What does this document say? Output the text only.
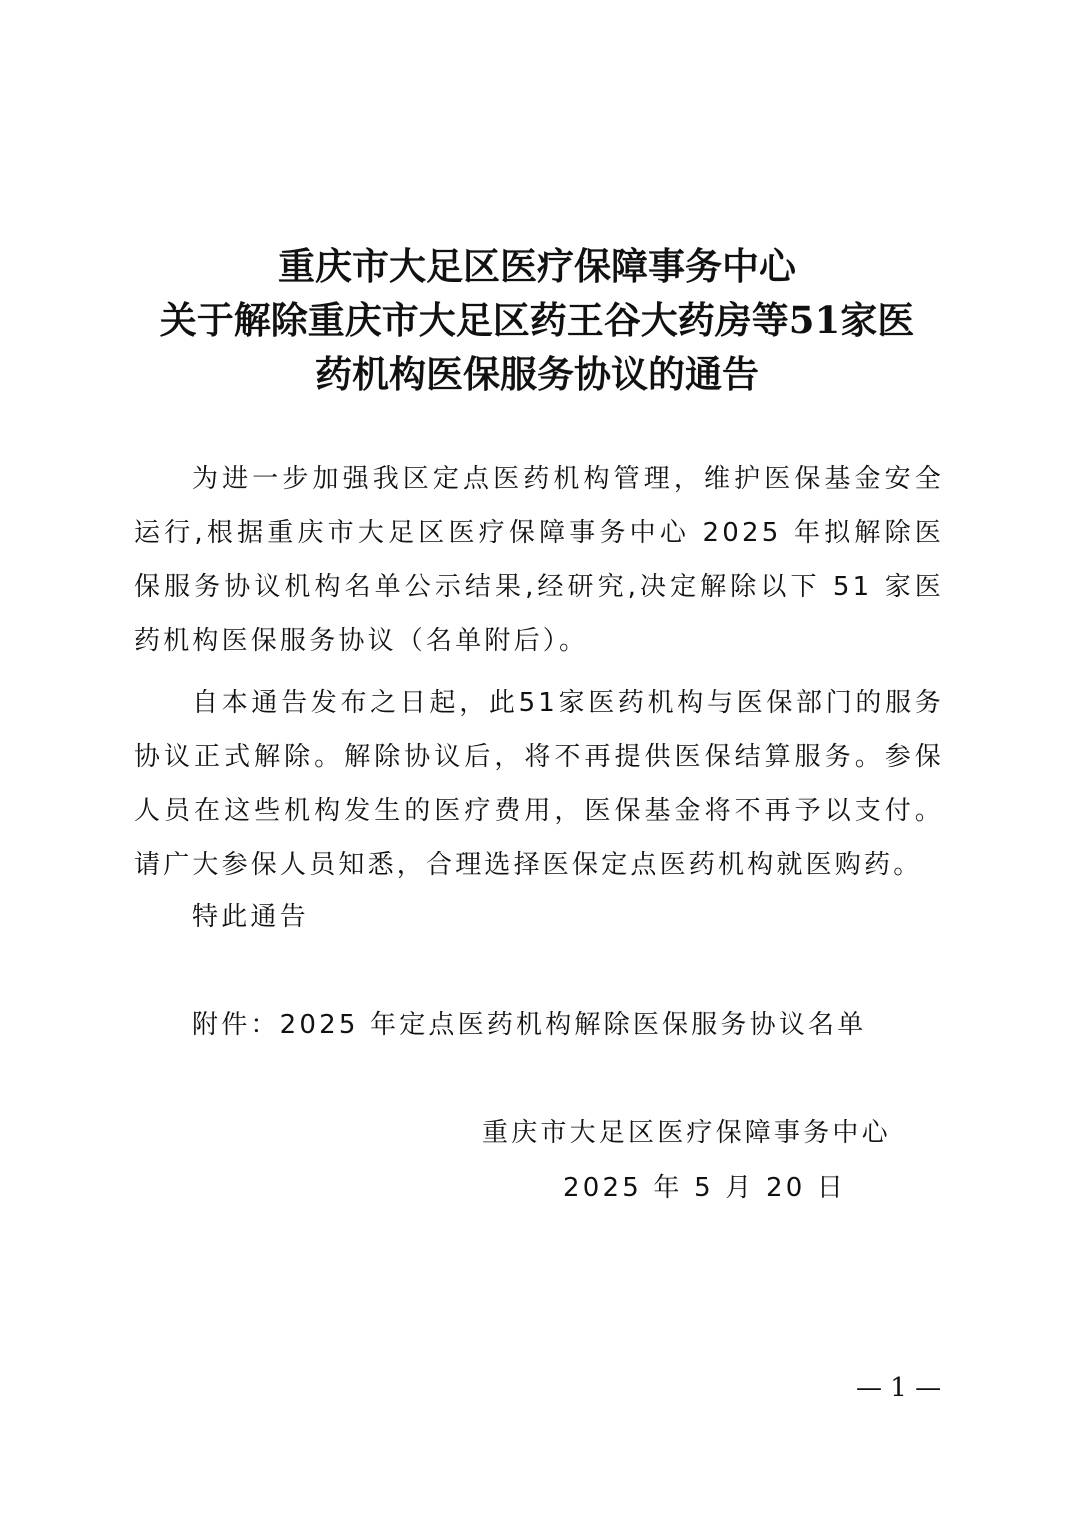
重庆市大足区医疗保障事务中心
关于解除重庆市大足区药王谷大药房等51家医
药机构医保服务协议的通告

为进一步加强我区定点医药机构管理，维护医保基金安全运行,根据重庆市大足区医疗保障事务中心 2025 年拟解除医保服务协议机构名单公示结果,经研究,决定解除以下 51 家医药机构医保服务协议（名单附后）。

自本通告发布之日起，此51家医药机构与医保部门的服务协议正式解除。解除协议后，将不再提供医保结算服务。参保人员在这些机构发生的医疗费用，医保基金将不再予以支付。请广大参保人员知悉，合理选择医保定点医药机构就医购药。

特此通告
附件：2025 年定点医药机构解除医保服务协议名单
重庆市大足区医疗保障事务中心
2025 年 5 月 20 日
— 1 —
